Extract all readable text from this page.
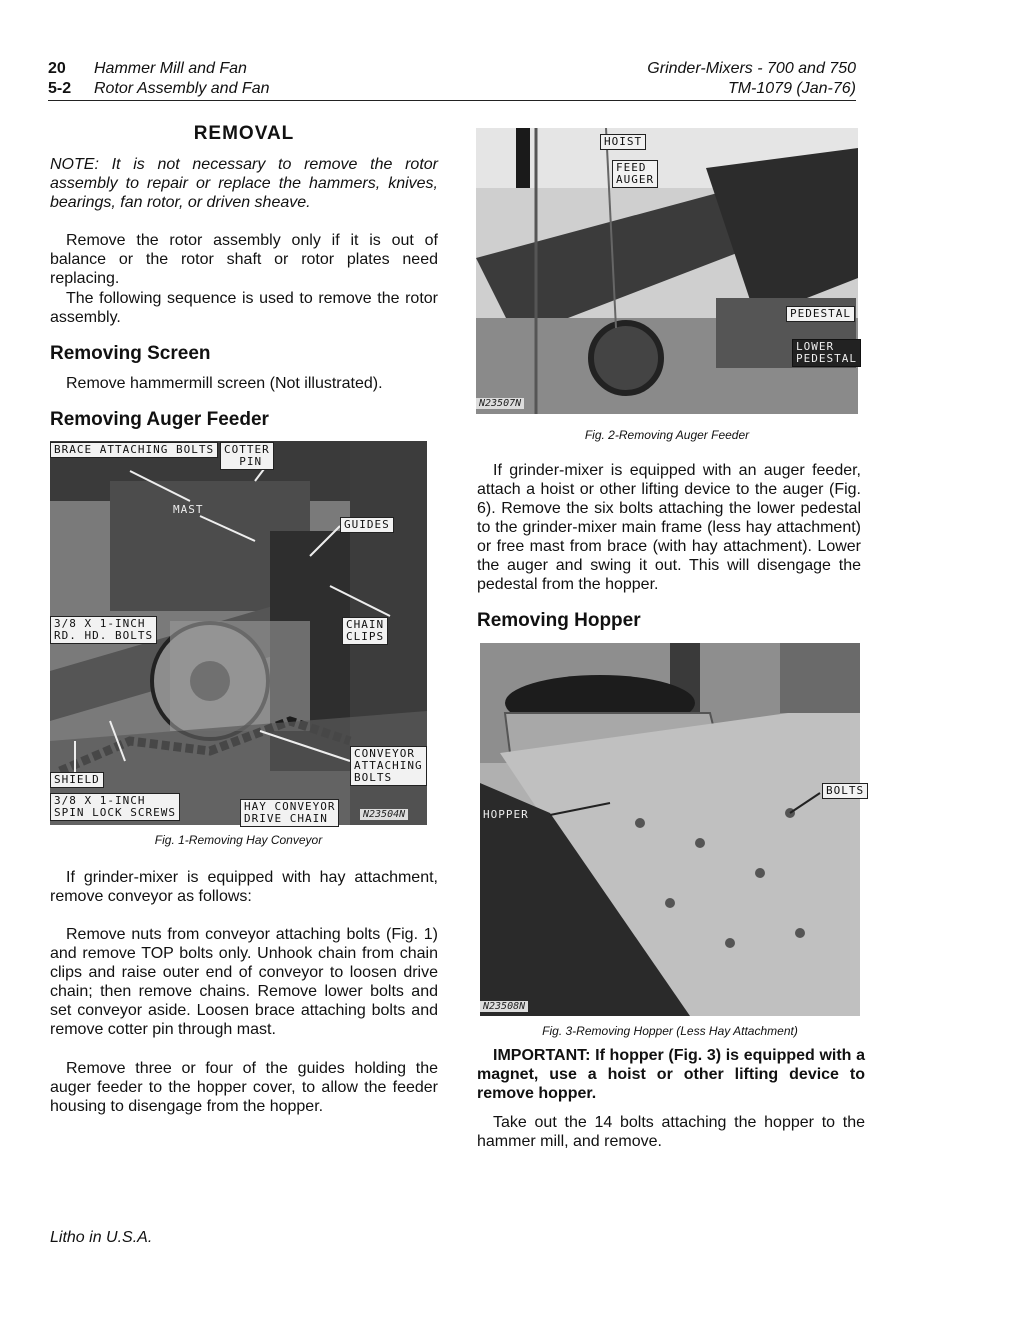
20 Hammer Mill and Fan
5-2 Rotor Assembly and Fan
Grinder-Mixers - 700 and 750
TM-1079 (Jan-76)
REMOVAL
NOTE: It is not necessary to remove the rotor assembly to repair or replace the hammers, knives, bearings, fan rotor, or driven sheave.
Remove the rotor assembly only if it is out of balance or the rotor shaft or rotor plates need replacing.
The following sequence is used to remove the rotor assembly.
Removing Screen
Remove hammermill screen (Not illustrated).
Removing Auger Feeder
BRACE ATTACHING BOLTS COTTER
PIN
MAST
GUIDES
3/8 X 1-INCH
RD. HD. BOLTS
CHAIN
CLIPS
CONVEYOR
ATTACHING
BOLTS
SHIELD
3/8 X 1-INCH
SPIN LOCK SCREWS	HAY CONVEYOR
DRIVE CHAIN	N23504N
Fig. 1-Removing Hay Conveyor
If grinder-mixer is equipped with hay attachment, remove conveyor as follows:
Remove nuts from conveyor attaching bolts (Fig. 1) and remove TOP bolts only. Unhook chain from chain clips and raise outer end of conveyor to loosen drive chain; then remove chains. Remove lower bolts and set conveyor aside. Loosen brace attaching bolts and remove cotter pin through mast.
Remove three or four of the guides holding the auger feeder to the hopper cover, to allow the feeder housing to disengage from the hopper.
HOIST
FEED
AUGER
PEDESTAL
LOWER
PEDESTAL
N23507N
Fig. 2-Removing Auger Feeder
If grinder-mixer is equipped with an auger feeder, attach a hoist or other lifting device to the auger (Fig. 6). Remove the six bolts attaching the lower pedestal to the grinder-mixer main frame (less hay attachment) or free mast from brace (with hay attachment). Lower the auger and swing it out. This will disengage the pedestal from the hopper.
Removing Hopper
HOPPER
BOLTS
N23508N
Fig. 3-Removing Hopper (Less Hay Attachment)
IMPORTANT: If hopper (Fig. 3) is equipped with a magnet, use a hoist or other lifting device to remove hopper.
Take out the 14 bolts attaching the hopper to the hammer mill, and remove.
Litho in U.S.A.
